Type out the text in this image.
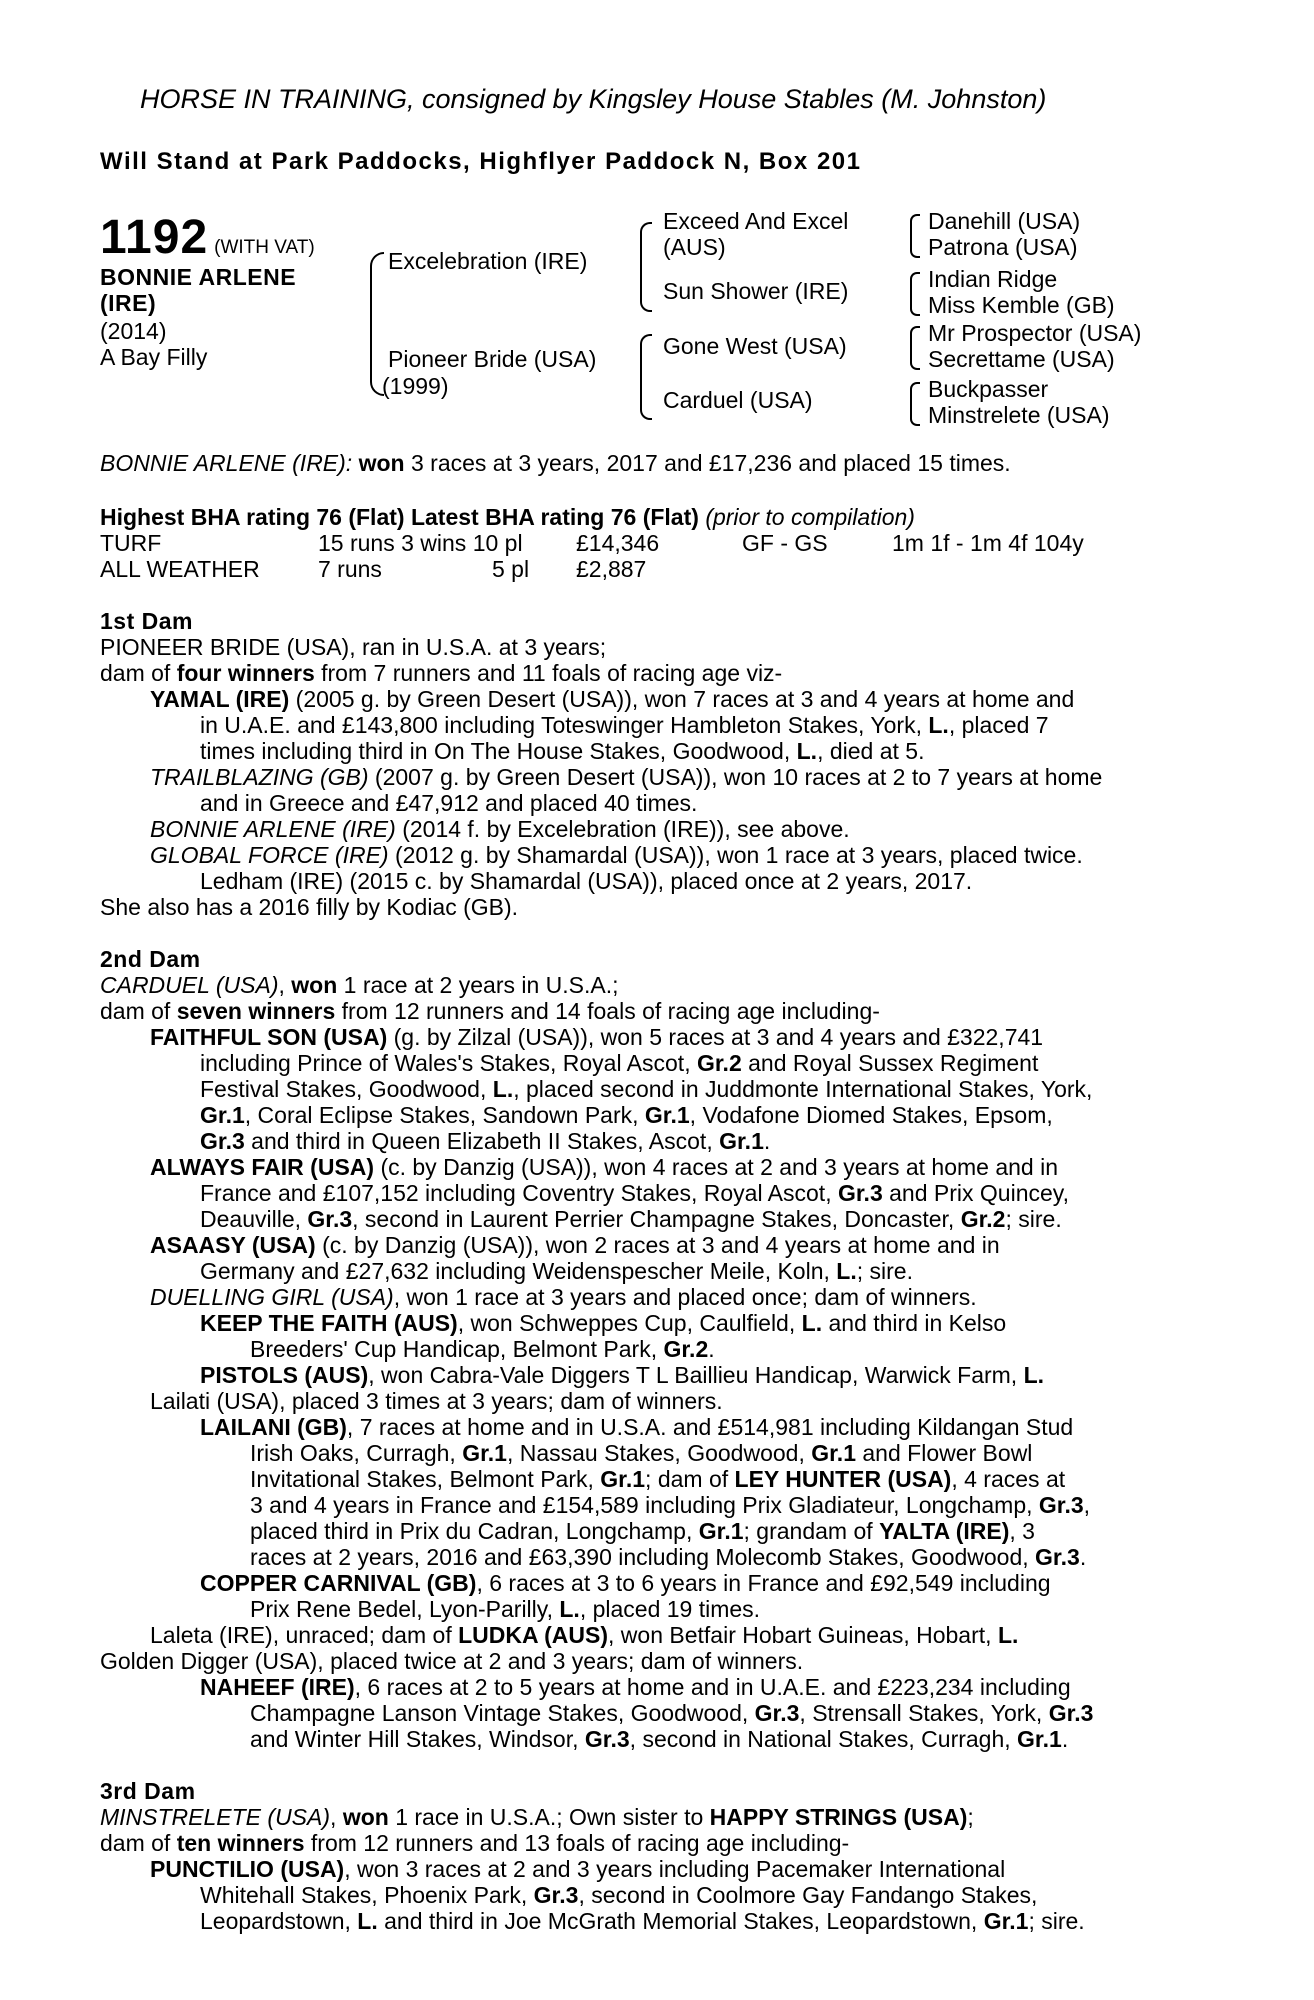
HORSE IN TRAINING, consigned by Kingsley House Stables (M. Johnston)
Will Stand at Park Paddocks, Highflyer Paddock N, Box 201
1192 (WITH VAT)
BONNIE ARLENE
(IRE)
(2014)
A Bay Filly
Excelebration (IRE)
Pioneer Bride (USA)
(1999)
Exceed And Excel
(AUS)
Sun Shower (IRE)
Gone West (USA)
Carduel (USA)
Danehill (USA)
Patrona (USA)
Indian Ridge
Miss Kemble (GB)
Mr Prospector (USA)
Secrettame (USA)
Buckpasser
Minstrelete (USA)
BONNIE ARLENE (IRE): won 3 races at 3 years, 2017 and £17,236 and placed 15 times.
Highest BHA rating 76 (Flat) Latest BHA rating 76 (Flat) (prior to compilation)
TURF	15 runs 3 wins 10 pl £14,346	GF - GS	1m 1f - 1m 4f 104y
ALL WEATHER	7 runs	5 pl £2,887
1st Dam
PIONEER BRIDE (USA), ran in U.S.A. at 3 years;
dam of four winners from 7 runners and 11 foals of racing age viz-
YAMAL (IRE) (2005 g. by Green Desert (USA)), won 7 races at 3 and 4 years at home and
in U.A.E. and £143,800 including Toteswinger Hambleton Stakes, York, L., placed 7
times including third in On The House Stakes, Goodwood, L., died at 5.
TRAILBLAZING (GB) (2007 g. by Green Desert (USA)), won 10 races at 2 to 7 years at home
and in Greece and £47,912 and placed 40 times.
BONNIE ARLENE (IRE) (2014 f. by Excelebration (IRE)), see above.
GLOBAL FORCE (IRE) (2012 g. by Shamardal (USA)), won 1 race at 3 years, placed twice.
Ledham (IRE) (2015 c. by Shamardal (USA)), placed once at 2 years, 2017.
She also has a 2016 filly by Kodiac (GB).
2nd Dam
CARDUEL (USA), won 1 race at 2 years in U.S.A.;
dam of seven winners from 12 runners and 14 foals of racing age including-
FAITHFUL SON (USA) (g. by Zilzal (USA)), won 5 races at 3 and 4 years and £322,741
including Prince of Wales's Stakes, Royal Ascot, Gr.2 and Royal Sussex Regiment
Festival Stakes, Goodwood, L., placed second in Juddmonte International Stakes, York,
Gr.1, Coral Eclipse Stakes, Sandown Park, Gr.1, Vodafone Diomed Stakes, Epsom,
Gr.3 and third in Queen Elizabeth II Stakes, Ascot, Gr.1.
ALWAYS FAIR (USA) (c. by Danzig (USA)), won 4 races at 2 and 3 years at home and in
France and £107,152 including Coventry Stakes, Royal Ascot, Gr.3 and Prix Quincey,
Deauville, Gr.3, second in Laurent Perrier Champagne Stakes, Doncaster, Gr.2; sire.
ASAASY (USA) (c. by Danzig (USA)), won 2 races at 3 and 4 years at home and in
Germany and £27,632 including Weidenspescher Meile, Koln, L.; sire.
DUELLING GIRL (USA), won 1 race at 3 years and placed once; dam of winners.
KEEP THE FAITH (AUS), won Schweppes Cup, Caulfield, L. and third in Kelso
Breeders' Cup Handicap, Belmont Park, Gr.2.
PISTOLS (AUS), won Cabra-Vale Diggers T L Baillieu Handicap, Warwick Farm, L.
Lailati (USA), placed 3 times at 3 years; dam of winners.
LAILANI (GB), 7 races at home and in U.S.A. and £514,981 including Kildangan Stud
Irish Oaks, Curragh, Gr.1, Nassau Stakes, Goodwood, Gr.1 and Flower Bowl
Invitational Stakes, Belmont Park, Gr.1; dam of LEY HUNTER (USA), 4 races at
3 and 4 years in France and £154,589 including Prix Gladiateur, Longchamp, Gr.3,
placed third in Prix du Cadran, Longchamp, Gr.1; grandam of YALTA (IRE), 3
races at 2 years, 2016 and £63,390 including Molecomb Stakes, Goodwood, Gr.3.
COPPER CARNIVAL (GB), 6 races at 3 to 6 years in France and £92,549 including
Prix Rene Bedel, Lyon-Parilly, L., placed 19 times.
Laleta (IRE), unraced; dam of LUDKA (AUS), won Betfair Hobart Guineas, Hobart, L.
Golden Digger (USA), placed twice at 2 and 3 years; dam of winners.
NAHEEF (IRE), 6 races at 2 to 5 years at home and in U.A.E. and £223,234 including
Champagne Lanson Vintage Stakes, Goodwood, Gr.3, Strensall Stakes, York, Gr.3
and Winter Hill Stakes, Windsor, Gr.3, second in National Stakes, Curragh, Gr.1.
3rd Dam
MINSTRELETE (USA), won 1 race in U.S.A.; Own sister to HAPPY STRINGS (USA);
dam of ten winners from 12 runners and 13 foals of racing age including-
PUNCTILIO (USA), won 3 races at 2 and 3 years including Pacemaker International
Whitehall Stakes, Phoenix Park, Gr.3, second in Coolmore Gay Fandango Stakes,
Leopardstown, L. and third in Joe McGrath Memorial Stakes, Leopardstown, Gr.1; sire.
